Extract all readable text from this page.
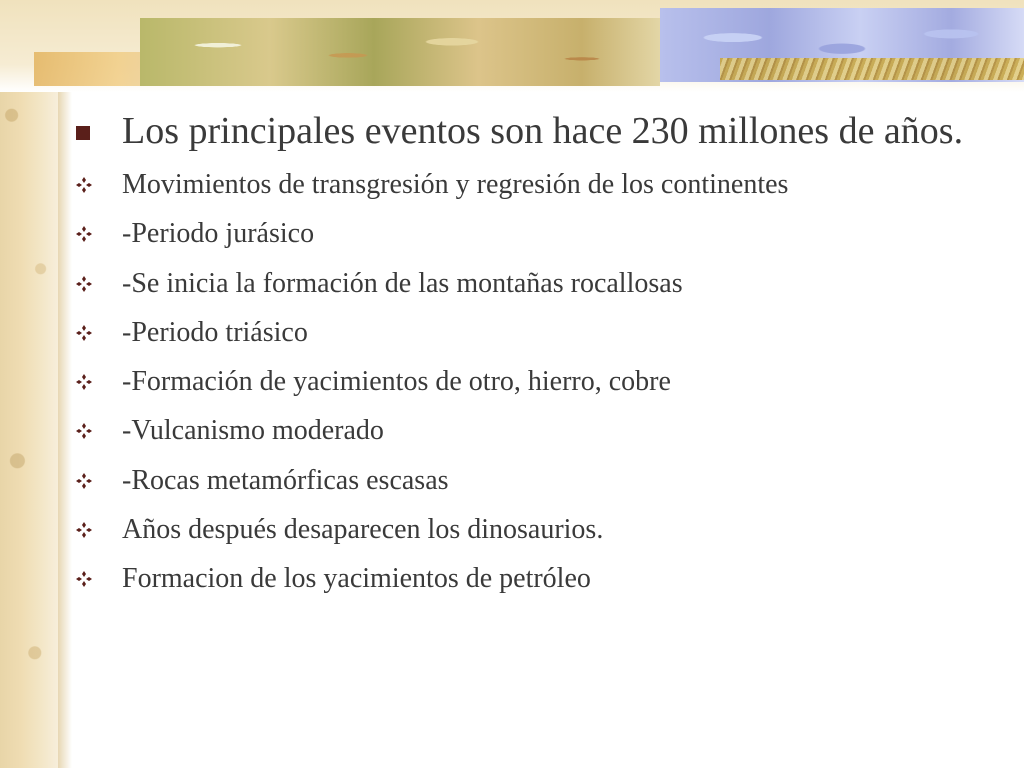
Los principales eventos son hace 230 millones de años.
Movimientos de transgresión y regresión de los continentes
-Periodo jurásico
-Se inicia la formación de las montañas rocallosas
-Periodo triásico
-Formación de yacimientos de otro, hierro, cobre
-Vulcanismo moderado
-Rocas metamórficas escasas
Años después desaparecen los dinosaurios.
Formacion de los yacimientos de petróleo
